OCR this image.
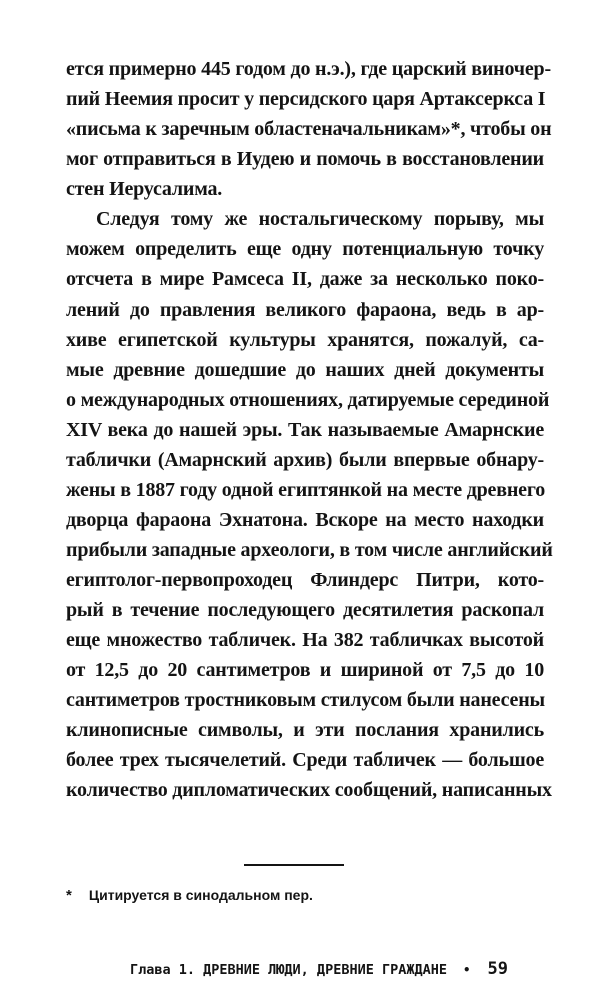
ется примерно 445 годом до н.э.), где царский виночер-
пий Неемия просит у персидского царя Артаксеркса I
«письма к заречным областеначальникам»*, чтобы он
мог отправиться в Иудею и помочь в восстановлении
стен Иерусалима.
Следуя тому же ностальгическому порыву, мы
можем определить еще одну потенциальную точку
отсчета в мире Рамсеса II, даже за несколько поко-
лений до правления великого фараона, ведь в ар-
хиве египетской культуры хранятся, пожалуй, са-
мые древние дошедшие до наших дней документы
о международных отношениях, датируемые серединой
XIV века до нашей эры. Так называемые Амарнские
таблички (Амарнский архив) были впервые обнару-
жены в 1887 году одной египтянкой на месте древнего
дворца фараона Эхнатона. Вскоре на место находки
прибыли западные археологи, в том числе английский
египтолог-первопроходец Флиндерс Питри, кото-
рый в течение последующего десятилетия раскопал
еще множество табличек. На 382 табличках высотой
от 12,5 до 20 сантиметров и шириной от 7,5 до 10
сантиметров тростниковым стилусом были нанесены
клинописные символы, и эти послания хранились
более трех тысячелетий. Среди табличек — большое
количество дипломатических сообщений, написанных
* Цитируется в синодальном пер.
Глава 1. ДРЕВНИЕ ЛЮДИ, ДРЕВНИЕ ГРАЖДАНЕ • 59
